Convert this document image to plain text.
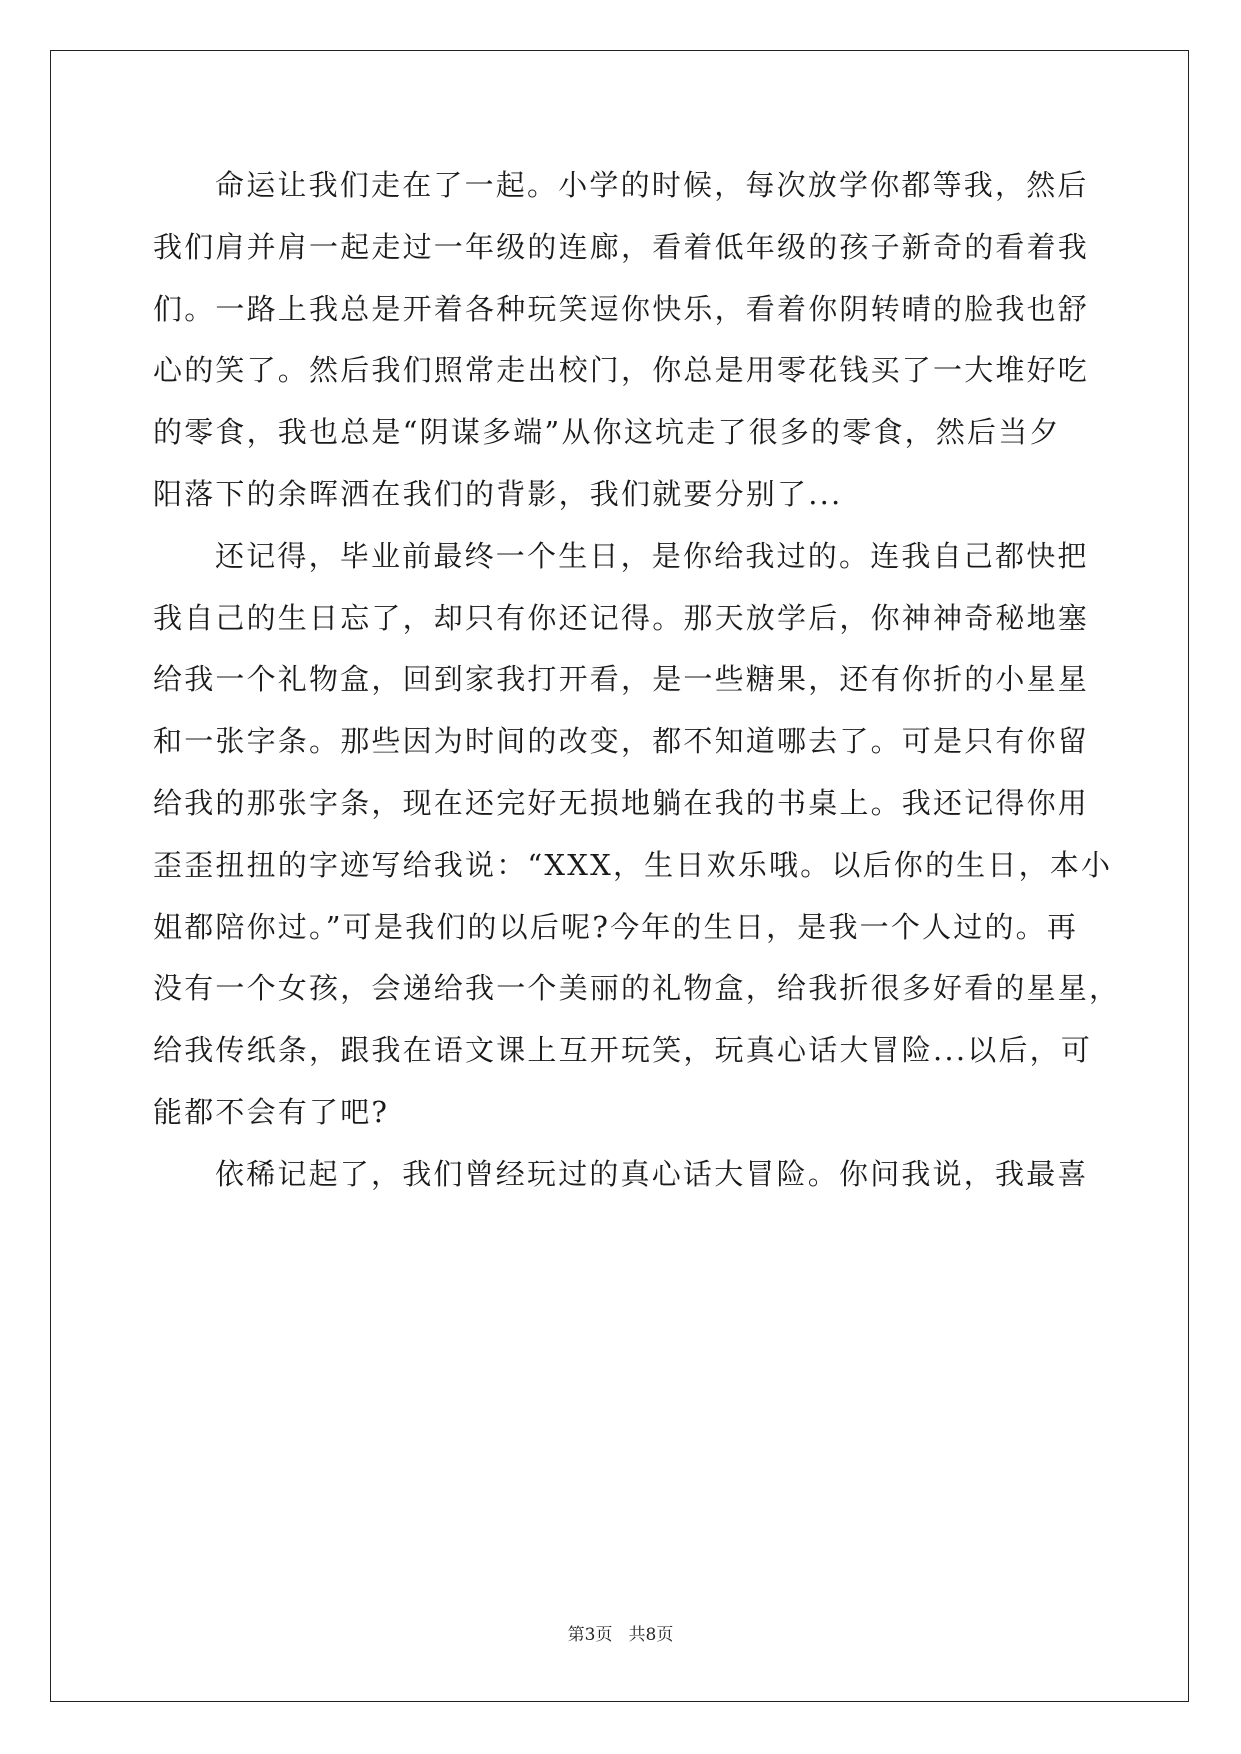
命运让我们走在了一起。小学的时候，每次放学你都等我，然后
我们肩并肩一起走过一年级的连廊，看着低年级的孩子新奇的看着我
们。一路上我总是开着各种玩笑逗你快乐，看着你阴转晴的脸我也舒
心的笑了。然后我们照常走出校门，你总是用零花钱买了一大堆好吃
的零食，我也总是“阴谋多端”从你这坑走了很多的零食，然后当夕
阳落下的余晖洒在我们的背影，我们就要分别了...
还记得，毕业前最终一个生日，是你给我过的。连我自己都快把
我自己的生日忘了，却只有你还记得。那天放学后，你神神奇秘地塞
给我一个礼物盒，回到家我打开看，是一些糖果，还有你折的小星星
和一张字条。那些因为时间的改变，都不知道哪去了。可是只有你留
给我的那张字条，现在还完好无损地躺在我的书桌上。我还记得你用
歪歪扭扭的字迹写给我说：“XXX，生日欢乐哦。以后你的生日，本小
姐都陪你过。”可是我们的以后呢?今年的生日，是我一个人过的。再
没有一个女孩，会递给我一个美丽的礼物盒，给我折很多好看的星星，
给我传纸条，跟我在语文课上互开玩笑，玩真心话大冒险...以后，可
能都不会有了吧?
依稀记起了，我们曾经玩过的真心话大冒险。你问我说，我最喜
第3页 共8页
